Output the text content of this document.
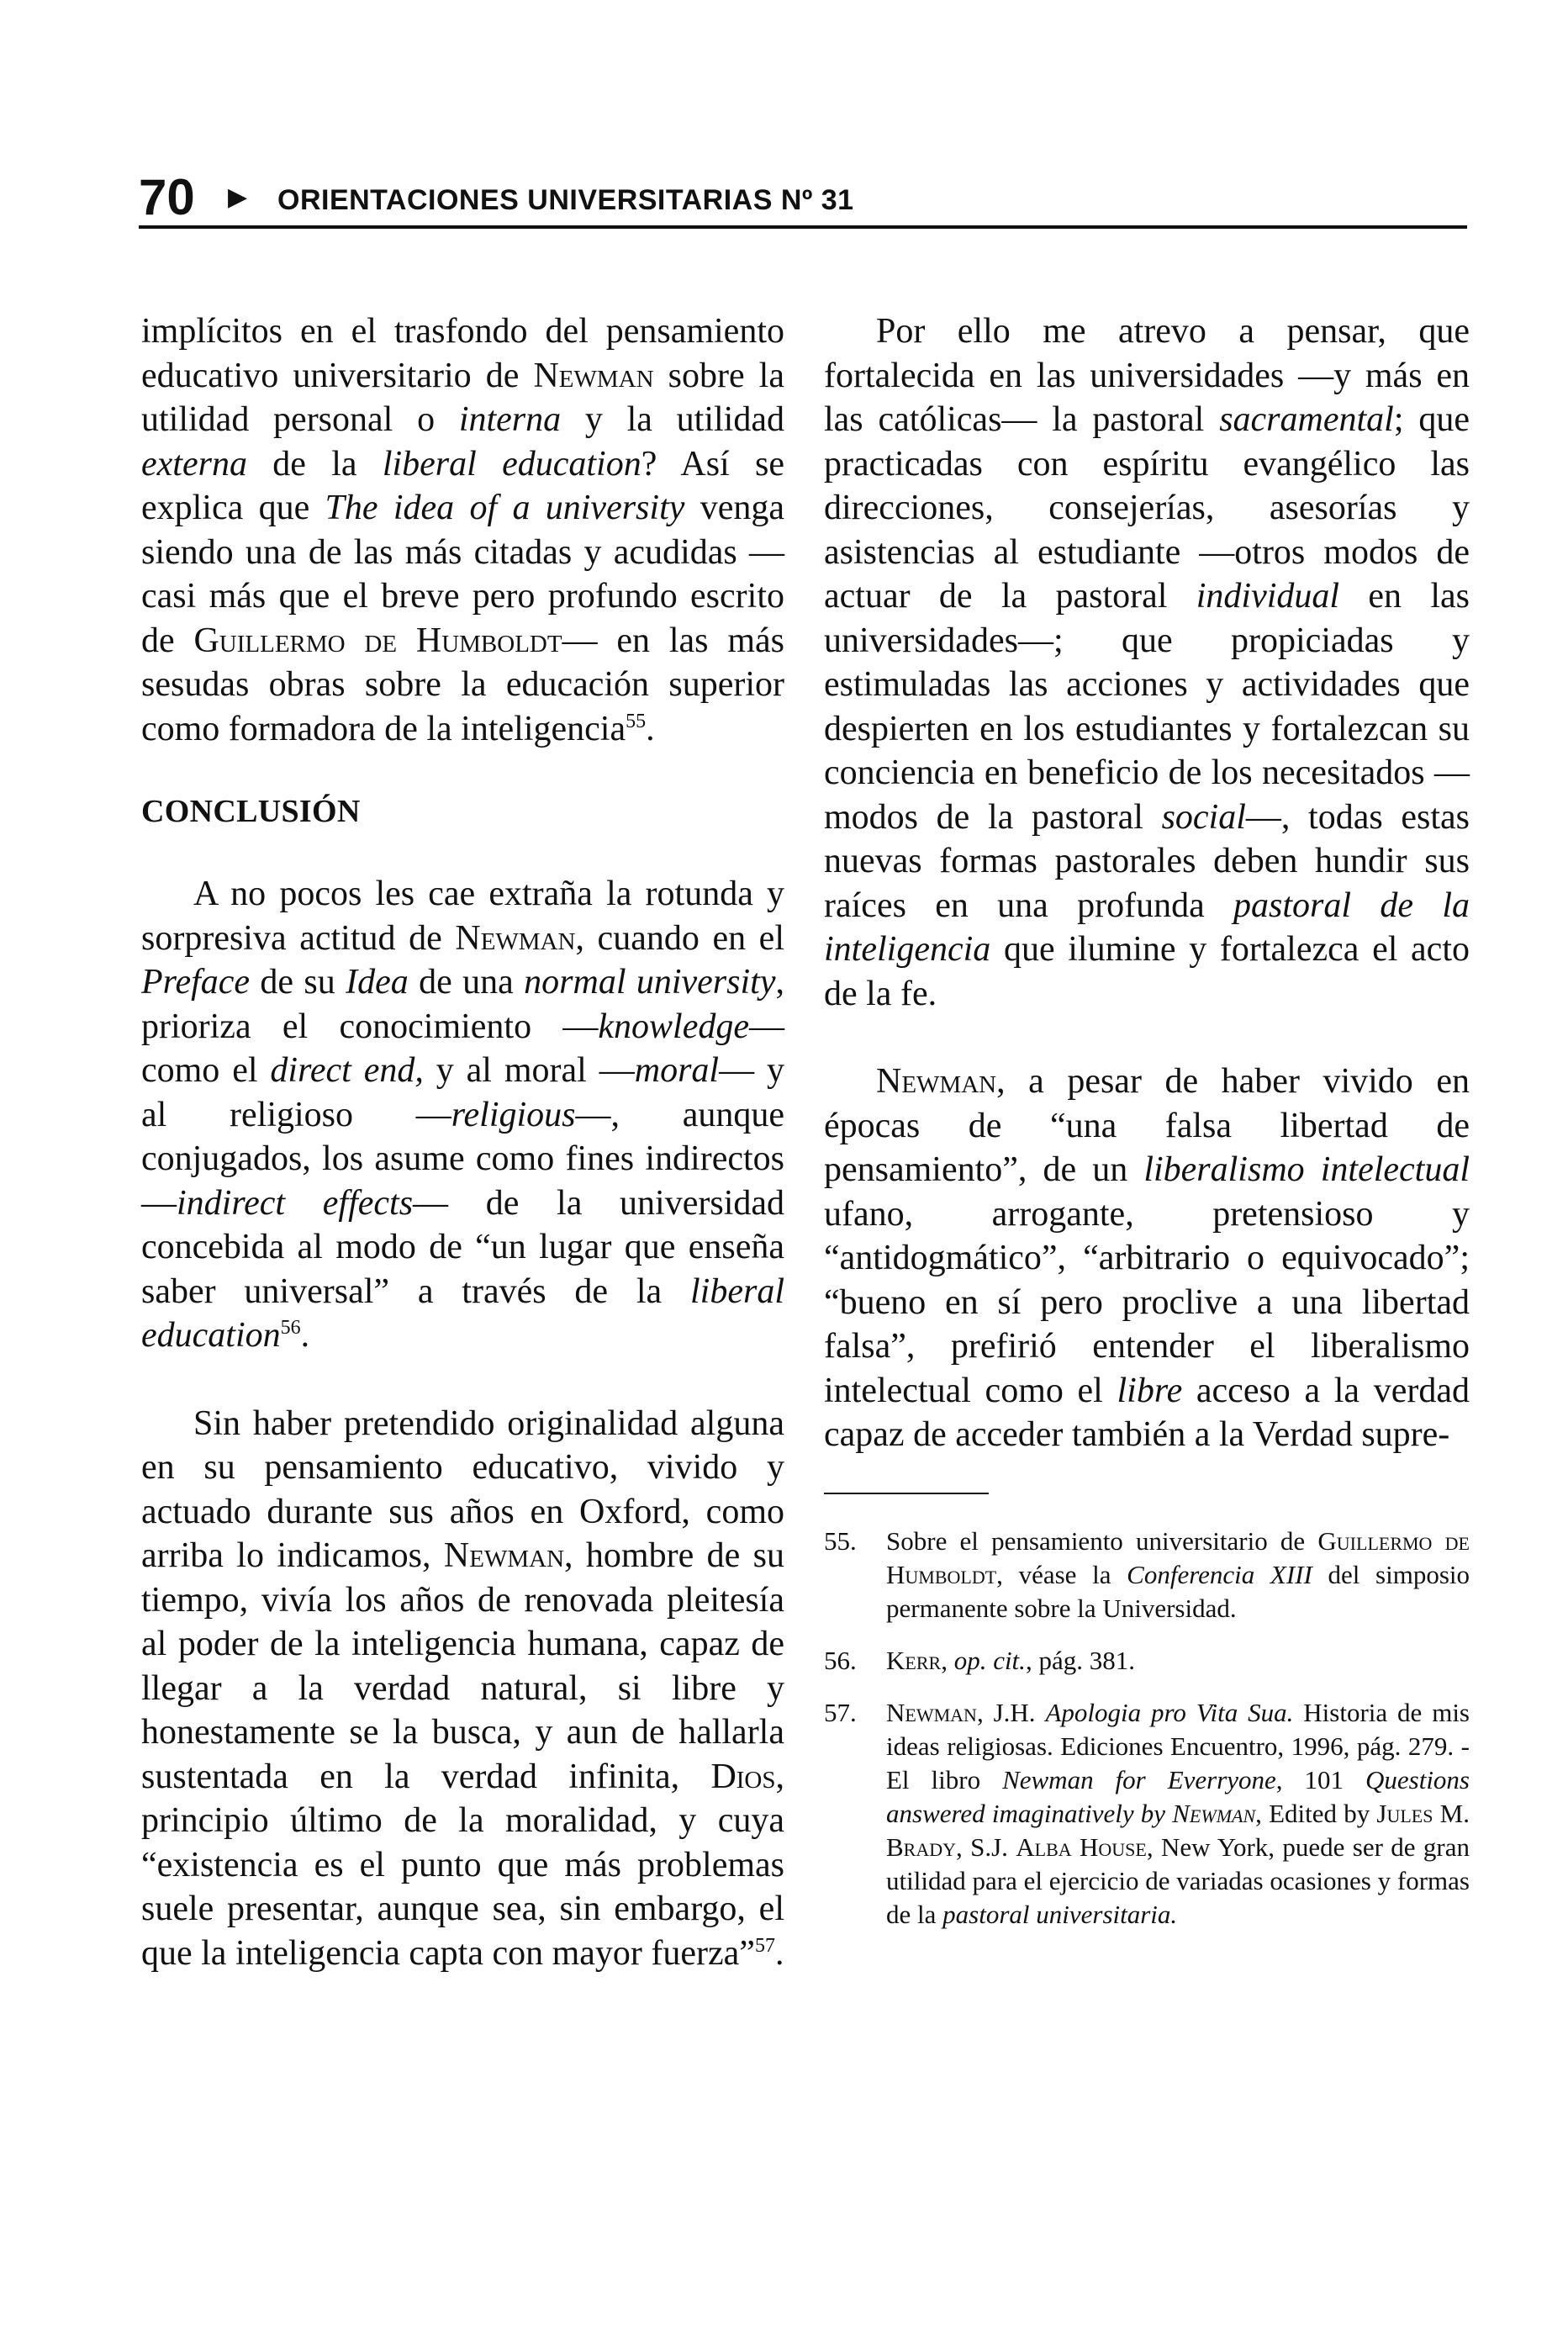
70 ▶ ORIENTACIONES UNIVERSITARIAS Nº 31

implícitos en el trasfondo del pensamiento educativo universitario de Newman sobre la utilidad personal o interna y la utilidad externa de la liberal education? Así se explica que The idea of a university venga siendo una de las más citadas y acudidas —casi más que el breve pero profundo escrito de Guillermo de Humboldt— en las más sesudas obras sobre la educación superior como formadora de la inteligencia$^{55}$.

CONCLUSIÓN

A no pocos les cae extraña la rotunda y sorpresiva actitud de Newman, cuando en el Preface de su Idea de una normal university, prioriza el conocimiento —knowledge— como el direct end, y al moral —moral— y al religioso —religious—, aunque conjugados, los asume como fines indirectos —indirect effects— de la universidad concebida al modo de “un lugar que enseña saber universal” a través de la liberal education$^{56}$.

Sin haber pretendido originalidad alguna en su pensamiento educativo, vivido y actuado durante sus años en Oxford, como arriba lo indicamos, Newman, hombre de su tiempo, vivía los años de renovada pleitesía al poder de la inteligencia humana, capaz de llegar a la verdad natural, si libre y honestamente se la busca, y aun de hallarla sustentada en la verdad infinita, Dios, principio último de la moralidad, y cuya “existencia es el punto que más problemas suele presentar, aunque sea, sin embargo, el que la inteligencia capta con mayor fuerza”$^{57}$.

Por ello me atrevo a pensar, que fortalecida en las universidades —y más en las católicas— la pastoral sacramental; que practicadas con espíritu evangélico las direcciones, consejerías, asesorías y asistencias al estudiante —otros modos de actuar de la pastoral individual en las universidades—; que propiciadas y estimuladas las acciones y actividades que despierten en los estudiantes y fortalezcan su conciencia en beneficio de los necesitados —modos de la pastoral social—, todas estas nuevas formas pastorales deben hundir sus raíces en una profunda pastoral de la inteligencia que ilumine y fortalezca el acto de la fe.

Newman, a pesar de haber vivido en épocas de “una falsa libertad de pensamiento”, de un liberalismo intelectual ufano, arrogante, pretensioso y “antidogmático”, “arbitrario o equivocado”; “bueno en sí pero proclive a una libertad falsa”, prefirió entender el liberalismo intelectual como el libre acceso a la verdad capaz de acceder también a la Verdad supre-

55. Sobre el pensamiento universitario de Guillermo de Humboldt, véase la Conferencia XIII del simposio permanente sobre la Universidad.

56. Kerr, op. cit., pág. 381.

57. Newman, J.H. Apologia pro Vita Sua. Historia de mis ideas religiosas. Ediciones Encuentro, 1996, pág. 279. -El libro Newman for Everryone, 101 Questions answered imaginatively by Newman, Edited by Jules M. Brady, S.J. Alba House, New York, puede ser de gran utilidad para el ejercicio de variadas ocasiones y formas de la pastoral universitaria.
